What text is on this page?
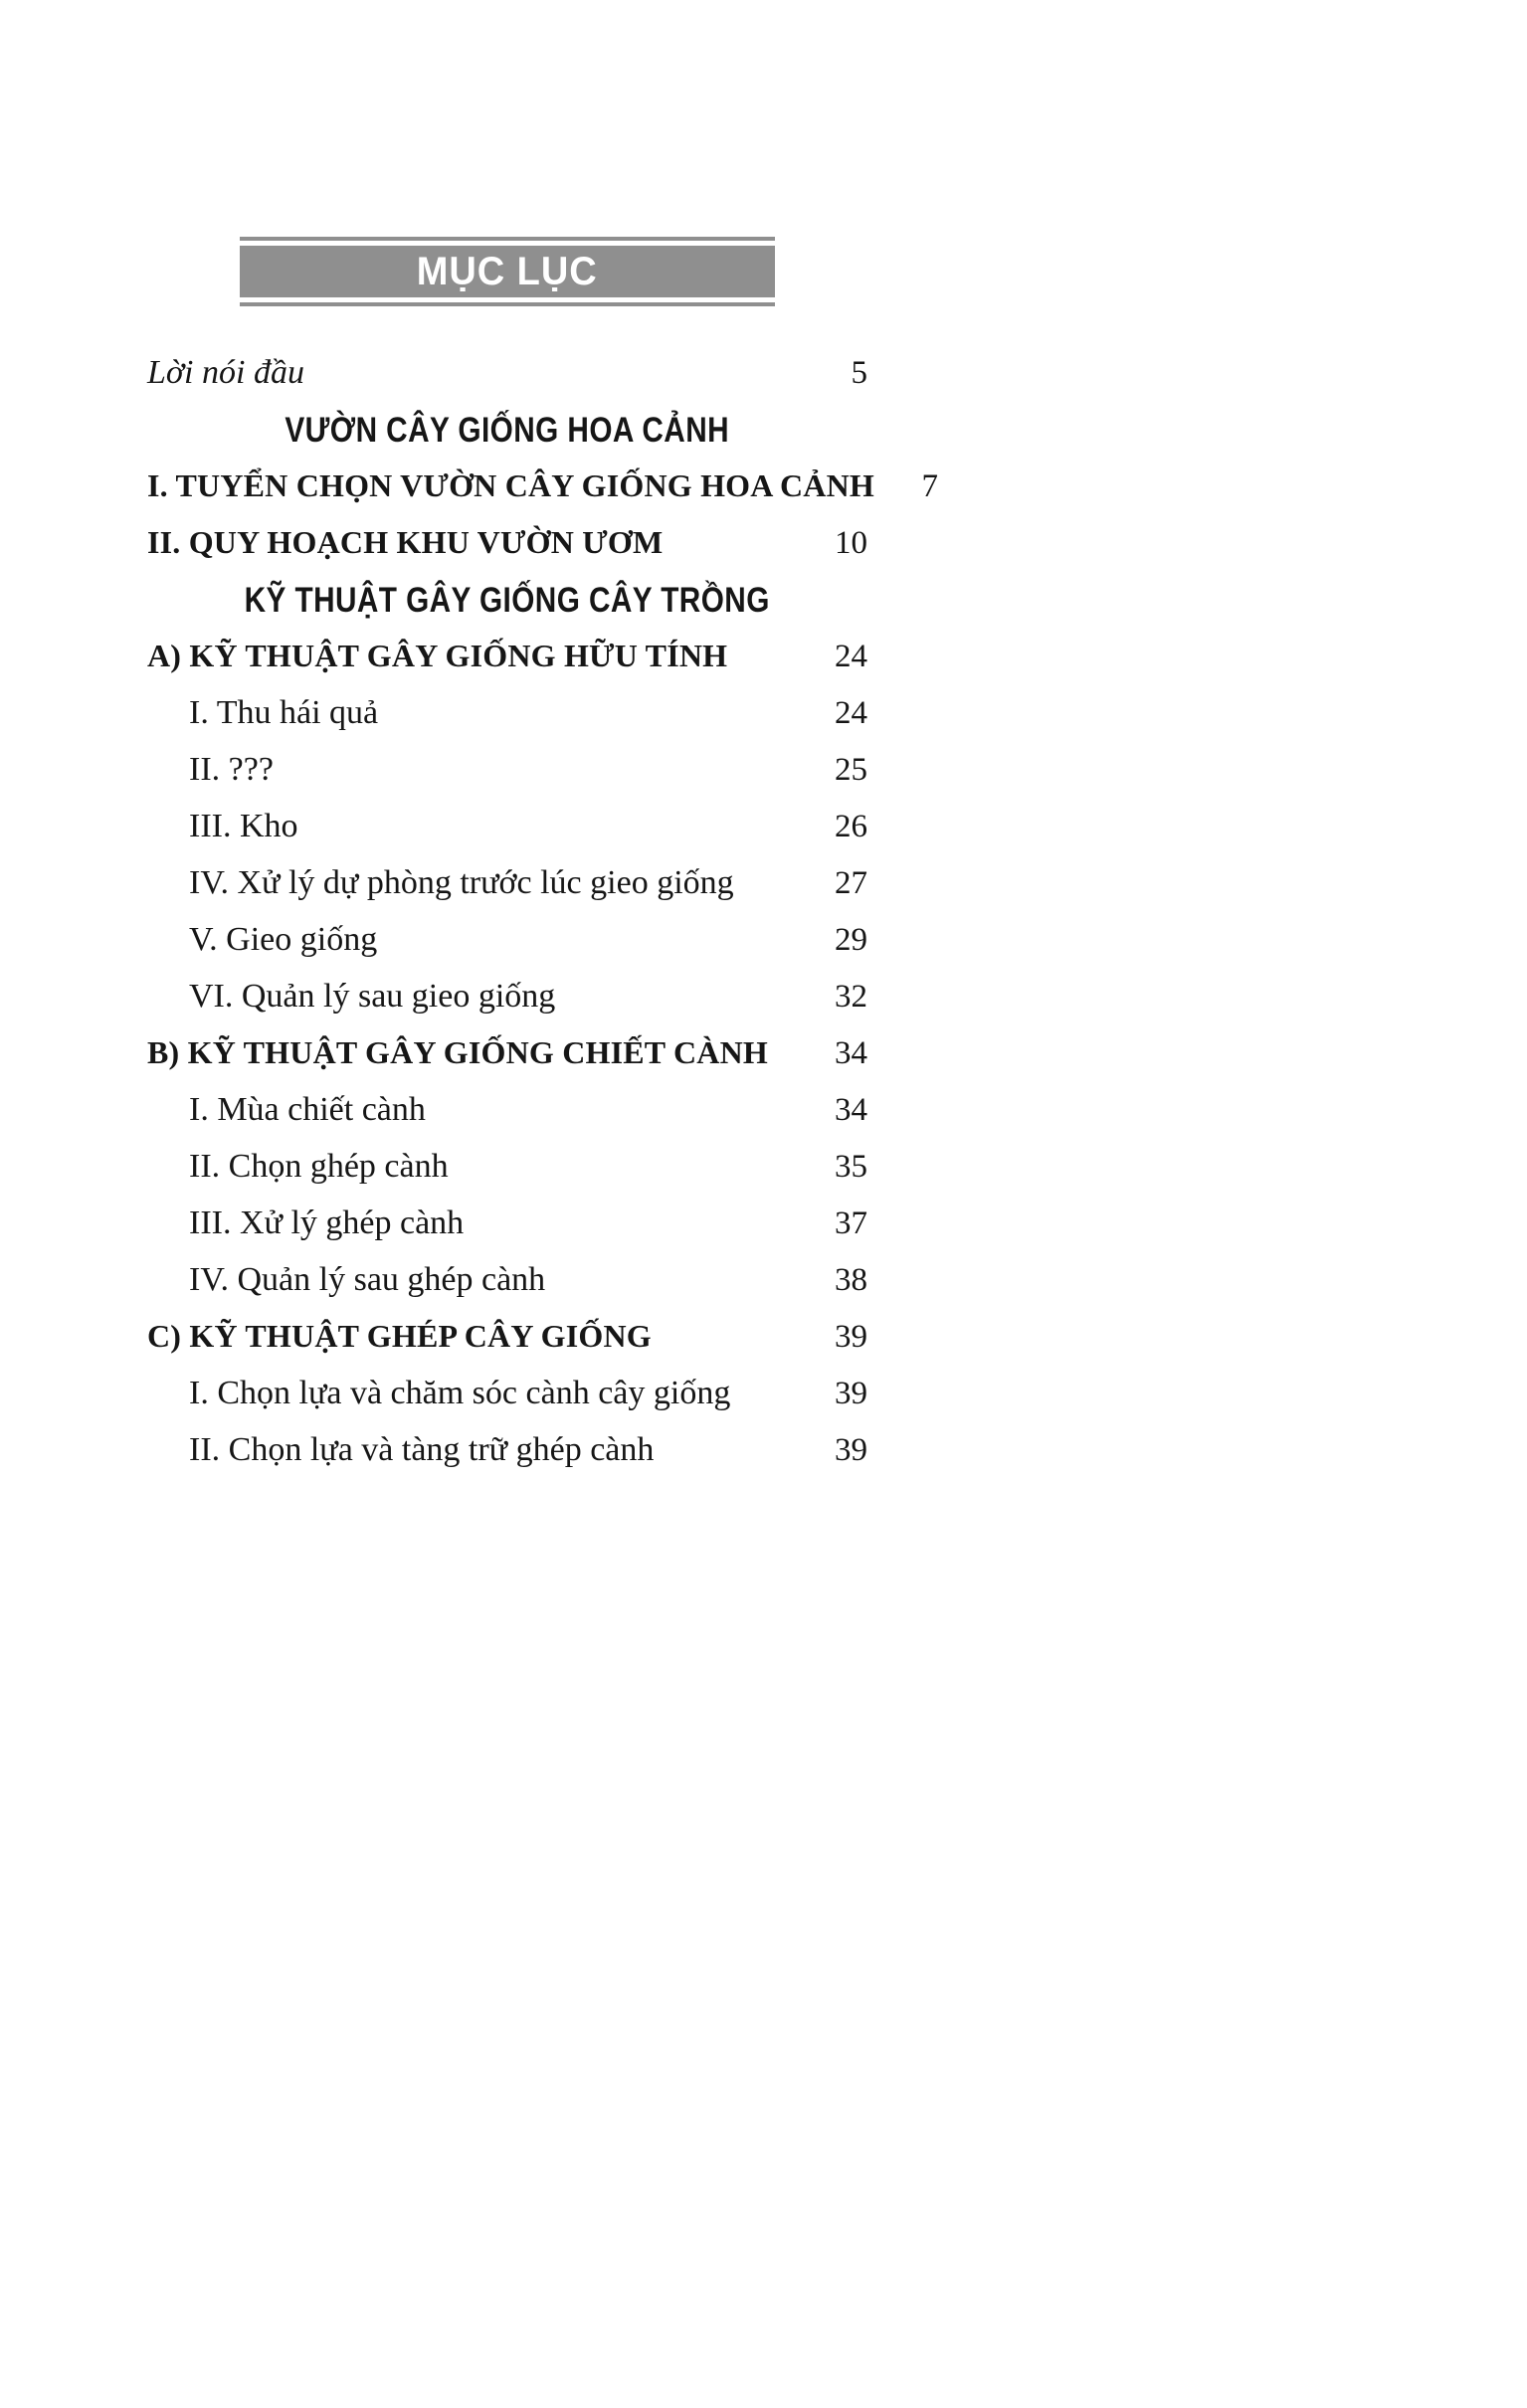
MỤC LỤC
Lời nói đầu	5
VƯỜN CÂY GIỐNG HOA CẢNH
I. TUYỂN CHỌN VƯỜN CÂY GIỐNG HOA CẢNH	7
II. QUY HOẠCH KHU VƯỜN ƯƠM	10
KỸ THUẬT GÂY GIỐNG CÂY TRỒNG
A) KỸ THUẬT GÂY GIỐNG HỮU TÍNH	24
I. Thu hái quả	24
II. ???	25
III. Kho	26
IV. Xử lý dự phòng trước lúc gieo giống	27
V. Gieo giống	29
VI. Quản lý sau gieo giống	32
B) KỸ THUẬT GÂY GIỐNG CHIẾT CÀNH	34
I. Mùa chiết cành	34
II. Chọn ghép cành	35
III. Xử lý ghép cành	37
IV. Quản lý sau ghép cành	38
C) KỸ THUẬT GHÉP CÂY GIỐNG	39
I. Chọn lựa và chăm sóc cành cây giống	39
II. Chọn lựa và tàng trữ ghép cành	39
